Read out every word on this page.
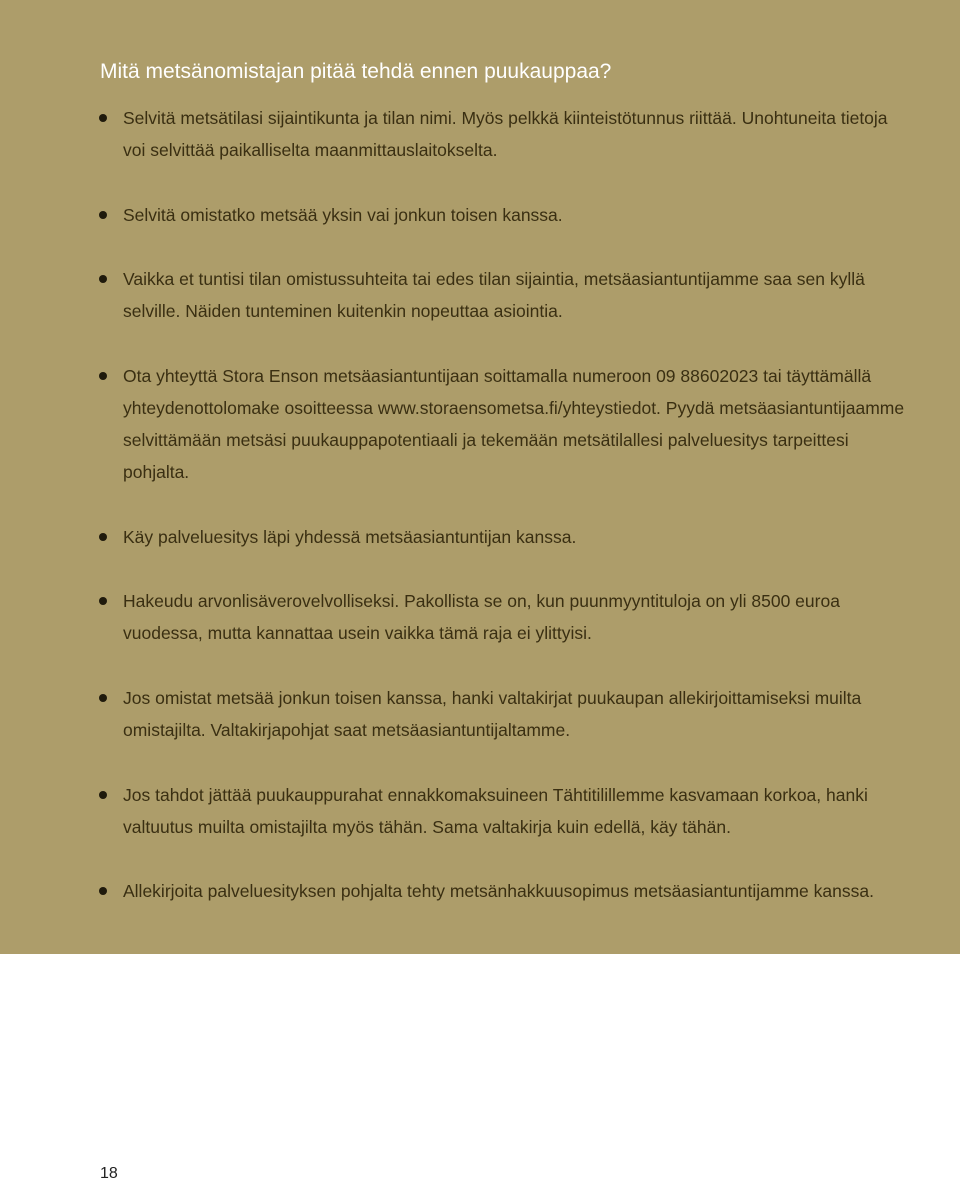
Mitä metsänomistajan pitää tehdä ennen puukauppaa?
Selvitä metsätilasi sijaintikunta ja tilan nimi. Myös pelkkä kiinteistötunnus riittää. Unohtuneita tietoja voi selvittää paikalliselta maanmittauslaitokselta.
Selvitä omistatko metsää yksin vai jonkun toisen kanssa.
Vaikka et tuntisi tilan omistussuhteita tai edes tilan sijaintia, metsäasiantuntijamme saa sen kyllä selville. Näiden tunteminen kuitenkin nopeuttaa asiointia.
Ota yhteyttä Stora Enson metsäasiantuntijaan soittamalla numeroon 09 88602023 tai täyttämällä yhteydenottolomake osoitteessa www.storaensometsa.fi/yhteystiedot. Pyydä metsäasiantuntijaamme selvittämään metsäsi puukauppapotentiaali ja tekemään metsätilallesi palveluesitys tarpeittesi pohjalta.
Käy palveluesitys läpi yhdessä metsäasiantuntijan kanssa.
Hakeudu arvonlisäverovelvolliseksi. Pakollista se on, kun puunmyyntituloja on yli 8500 euroa vuodessa, mutta kannattaa usein vaikka tämä raja ei ylittyisi.
Jos omistat metsää jonkun toisen kanssa, hanki valtakirjat puukaupan allekirjoittamiseksi muilta omistajilta. Valtakirjapohjat saat metsäasiantuntijaltamme.
Jos tahdot jättää puukauppurahat ennakkomaksuineen Tähtitilillemme kasvamaan korkoa, hanki valtuutus muilta omistajilta myös tähän. Sama valtakirja kuin edellä, käy tähän.
Allekirjoita palveluesityksen pohjalta tehty metsänhakkuusopimus metsäasiantuntijamme kanssa.
18
